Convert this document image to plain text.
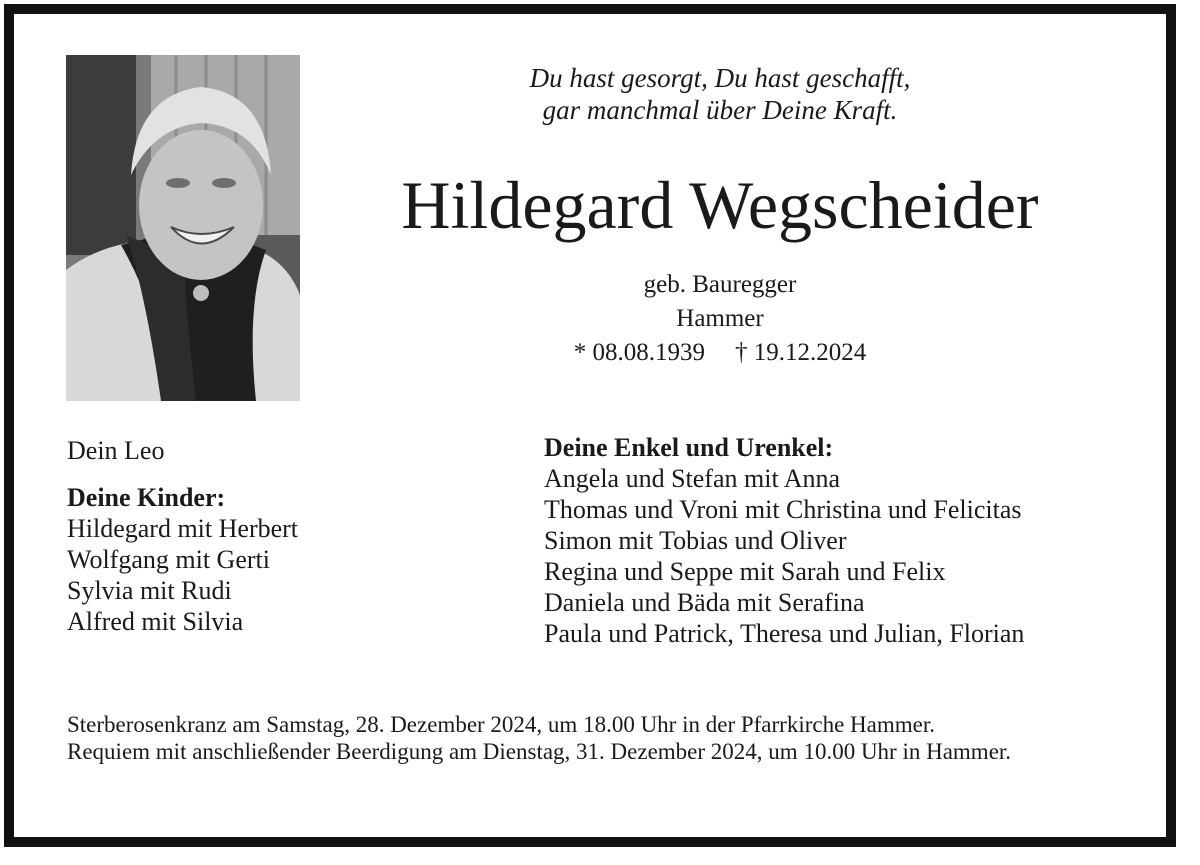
Du hast gesorgt, Du hast geschafft,
gar manchmal über Deine Kraft.
Hildegard Wegscheider
geb. Bauregger
Hammer
* 08.08.1939 † 19.12.2024
Dein Leo
Deine Kinder:
Hildegard mit Herbert
Wolfgang mit Gerti
Sylvia mit Rudi
Alfred mit Silvia
Deine Enkel und Urenkel:
Angela und Stefan mit Anna
Thomas und Vroni mit Christina und Felicitas
Simon mit Tobias und Oliver
Regina und Seppe mit Sarah und Felix
Daniela und Bäda mit Serafina
Paula und Patrick, Theresa und Julian, Florian

Sterberosenkranz am Samstag, 28. Dezember 2024, um 18.00 Uhr in der Pfarrkirche Hammer.

Requiem mit anschließender Beerdigung am Dienstag, 31. Dezember 2024, um 10.00 Uhr in Hammer.
